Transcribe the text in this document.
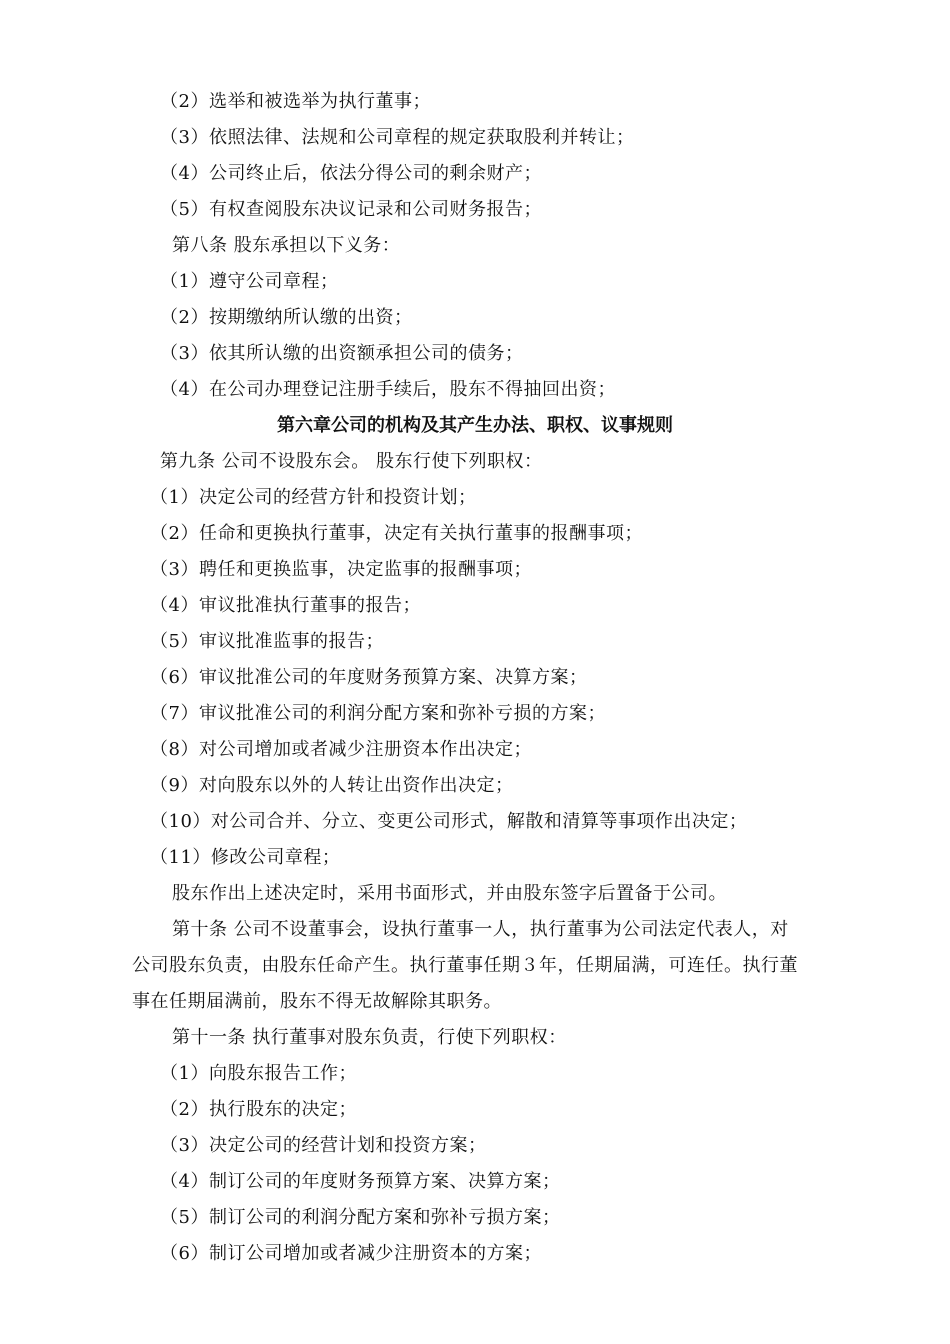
（2）选举和被选举为执行董事；
（3）依照法律、法规和公司章程的规定获取股利并转让；
（4）公司终止后，依法分得公司的剩余财产；
（5）有权查阅股东决议记录和公司财务报告；
第八条 股东承担以下义务：
（1）遵守公司章程；
（2）按期缴纳所认缴的出资；
（3）依其所认缴的出资额承担公司的债务；
（4）在公司办理登记注册手续后，股东不得抽回出资；
第六章公司的机构及其产生办法、职权、议事规则
第九条 公司不设股东会。 股东行使下列职权：
（1）决定公司的经营方针和投资计划；
（2）任命和更换执行董事，决定有关执行董事的报酬事项；
（3）聘任和更换监事，决定监事的报酬事项；
（4）审议批准执行董事的报告；
（5）审议批准监事的报告；
（6）审议批准公司的年度财务预算方案、决算方案；
（7）审议批准公司的利润分配方案和弥补亏损的方案；
（8）对公司增加或者减少注册资本作出决定；
（9）对向股东以外的人转让出资作出决定；
（10）对公司合并、分立、变更公司形式，解散和清算等事项作出决定；
（11）修改公司章程；
股东作出上述决定时，采用书面形式，并由股东签字后置备于公司。
第十条 公司不设董事会，设执行董事一人，执行董事为公司法定代表人，对
公司股东负责，由股东任命产生。执行董事任期３年，任期届满，可连任。执行董
事在任期届满前，股东不得无故解除其职务。
第十一条 执行董事对股东负责，行使下列职权：
（1）向股东报告工作；
（2）执行股东的决定；
（3）决定公司的经营计划和投资方案；
（4）制订公司的年度财务预算方案、决算方案；
（5）制订公司的利润分配方案和弥补亏损方案；
（6）制订公司增加或者减少注册资本的方案；
